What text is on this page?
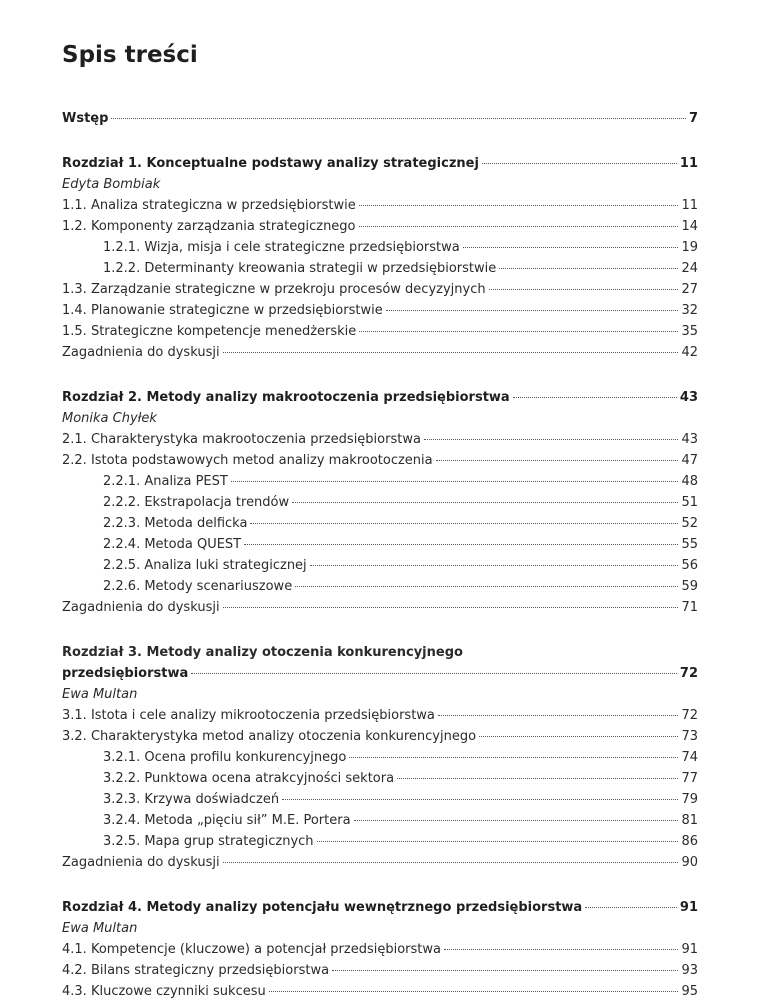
Spis treści
Wstęp	7
Rozdział 1. Konceptualne podstawy analizy strategicznej	11
Edyta Bombiak
1.1. Analiza strategiczna w przedsiębiorstwie	11
1.2. Komponenty zarządzania strategicznego	14
1.2.1. Wizja, misja i cele strategiczne przedsiębiorstwa	19
1.2.2. Determinanty kreowania strategii w przedsiębiorstwie	24
1.3. Zarządzanie strategiczne w przekroju procesów decyzyjnych	27
1.4. Planowanie strategiczne w przedsiębiorstwie	32
1.5. Strategiczne kompetencje menedżerskie	35
Zagadnienia do dyskusji	42
Rozdział 2. Metody analizy makrootoczenia przedsiębiorstwa	43
Monika Chyłek
2.1. Charakterystyka makrootoczenia przedsiębiorstwa	43
2.2. Istota podstawowych metod analizy makrootoczenia	47
2.2.1. Analiza PEST	48
2.2.2. Ekstrapolacja trendów	51
2.2.3. Metoda delficka	52
2.2.4. Metoda QUEST	55
2.2.5. Analiza luki strategicznej	56
2.2.6. Metody scenariuszowe	59
Zagadnienia do dyskusji	71
Rozdział 3. Metody analizy otoczenia konkurencyjnego
przedsiębiorstwa	72
Ewa Multan
3.1. Istota i cele analizy mikrootoczenia przedsiębiorstwa	72
3.2. Charakterystyka metod analizy otoczenia konkurencyjnego	73
3.2.1. Ocena profilu konkurencyjnego	74
3.2.2. Punktowa ocena atrakcyjności sektora	77
3.2.3. Krzywa doświadczeń	79
3.2.4. Metoda „pięciu sił” M.E. Portera	81
3.2.5. Mapa grup strategicznych	86
Zagadnienia do dyskusji	90
Rozdział 4. Metody analizy potencjału wewnętrznego przedsiębiorstwa	91
Ewa Multan
4.1. Kompetencje (kluczowe) a potencjał przedsiębiorstwa	91
4.2. Bilans strategiczny przedsiębiorstwa	93
4.3. Kluczowe czynniki sukcesu	95
